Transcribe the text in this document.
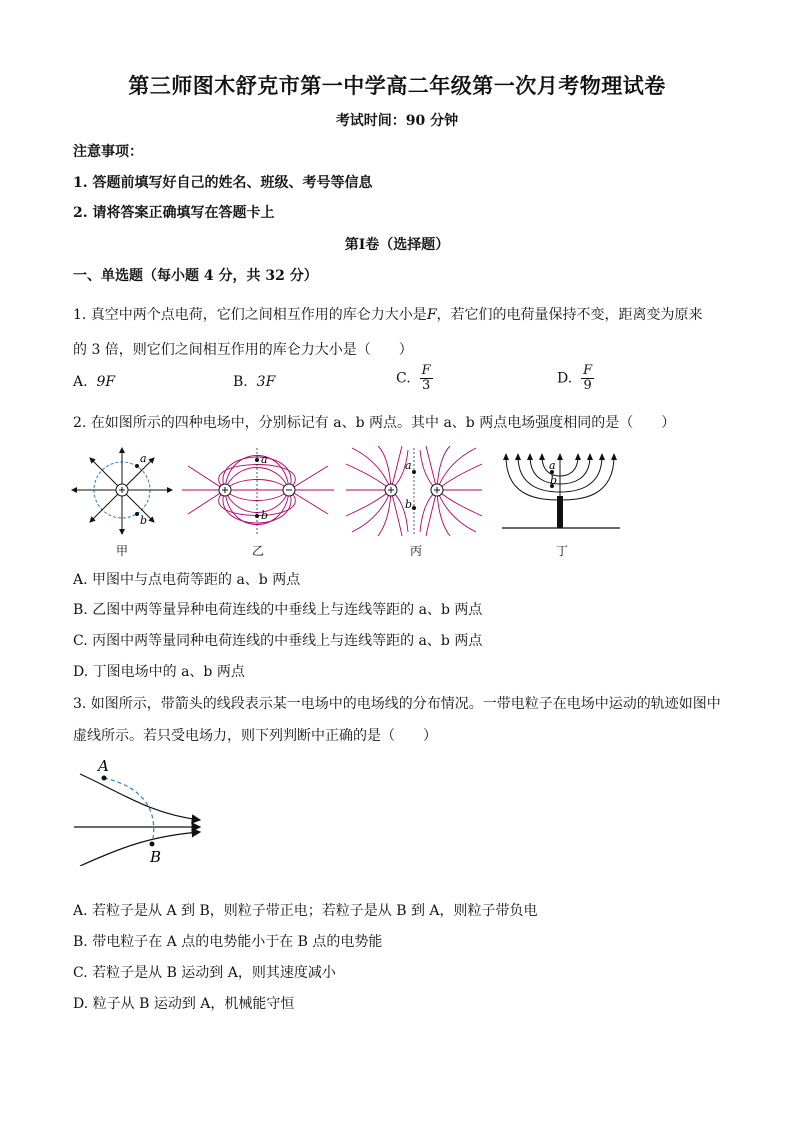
第三师图木舒克市第一中学高二年级第一次月考物理试卷
考试时间：90 分钟
注意事项：
1. 答题前填写好自己的姓名、班级、考号等信息
2. 请将答案正确填写在答题卡上
第Ⅰ卷（选择题）
一、单选题（每小题 4 分，共 32 分）
1. 真空中两个点电荷，它们之间相互作用的库仑力大小是F，若它们的电荷量保持不变，距离变为原来
的 3 倍，则它们之间相互作用的库仑力大小是（　　）
A. 9F	B. 3F	C. $\frac{F}{3}$	D. $\frac{F}{9}$
2. 在如图所示的四种电场中，分别标记有 a、b 两点。其中 a、b 两点电场强度相同的是（　　）
a
b
甲
a
b
乙
a
b
丙
a
b
丁
A. 甲图中与点电荷等距的 a、b 两点
B. 乙图中两等量异种电荷连线的中垂线上与连线等距的 a、b 两点
C. 丙图中两等量同种电荷连线的中垂线上与连线等距的 a、b 两点
D. 丁图电场中的 a、b 两点
3. 如图所示，带箭头的线段表示某一电场中的电场线的分布情况。一带电粒子在电场中运动的轨迹如图中
虚线所示。若只受电场力，则下列判断中正确的是（　　）
A
B
A. 若粒子是从 A 到 B，则粒子带正电；若粒子是从 B 到 A，则粒子带负电
B. 带电粒子在 A 点的电势能小于在 B 点的电势能
C. 若粒子是从 B 运动到 A，则其速度减小
D. 粒子从 B 运动到 A，机械能守恒
